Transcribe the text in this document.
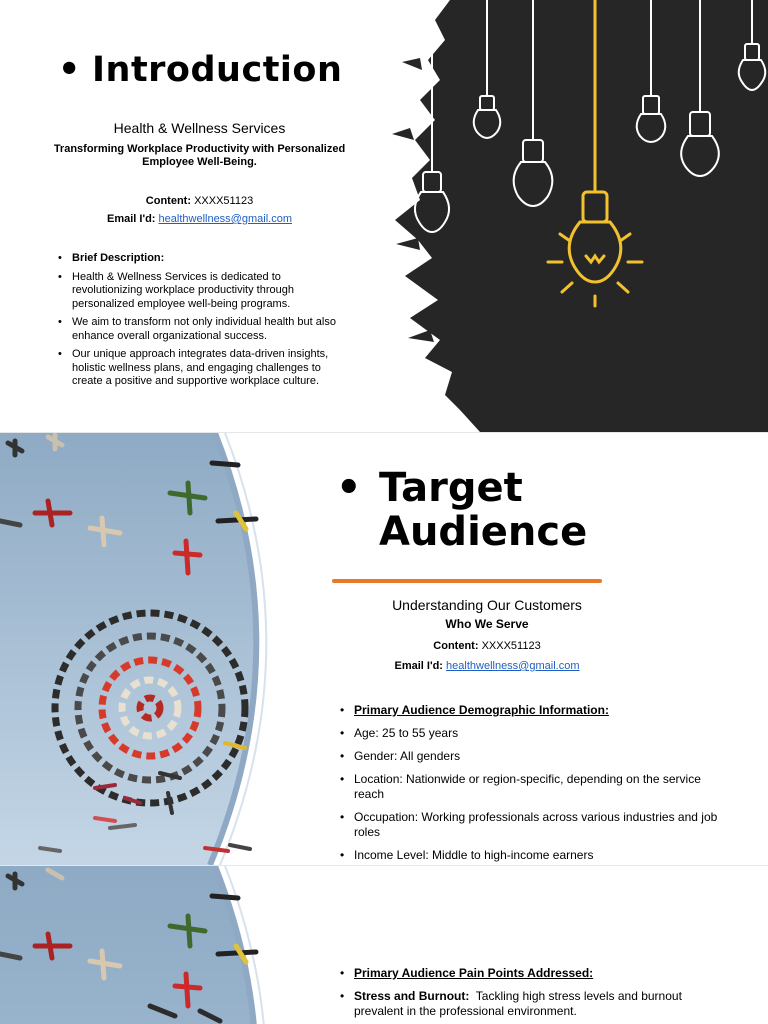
• Introduction
Health & Wellness Services
Transforming Workplace Productivity with Personalized Employee Well-Being.
Content: XXXX51123
Email I'd: healthwellness@gmail.com
• Brief Description:
• Health & Wellness Services is dedicated to revolutionizing workplace productivity through personalized employee well-being programs.
• We aim to transform not only individual health but also enhance overall organizational success.
• Our unique approach integrates data-driven insights, holistic wellness plans, and engaging challenges to create a positive and supportive workplace culture.
• Target
Audience
Understanding Our Customers
Who We Serve
Content: XXXX51123
Email I'd: healthwellness@gmail.com
• Primary Audience Demographic Information:
• Age: 25 to 55 years
• Gender: All genders
• Location: Nationwide or region-specific, depending on the service reach
• Occupation: Working professionals across various industries and job roles
• Income Level: Middle to high-income earners
• Primary Audience Pain Points Addressed:
• Stress and Burnout: Tackling high stress levels and burnout prevalent in the professional environment.
